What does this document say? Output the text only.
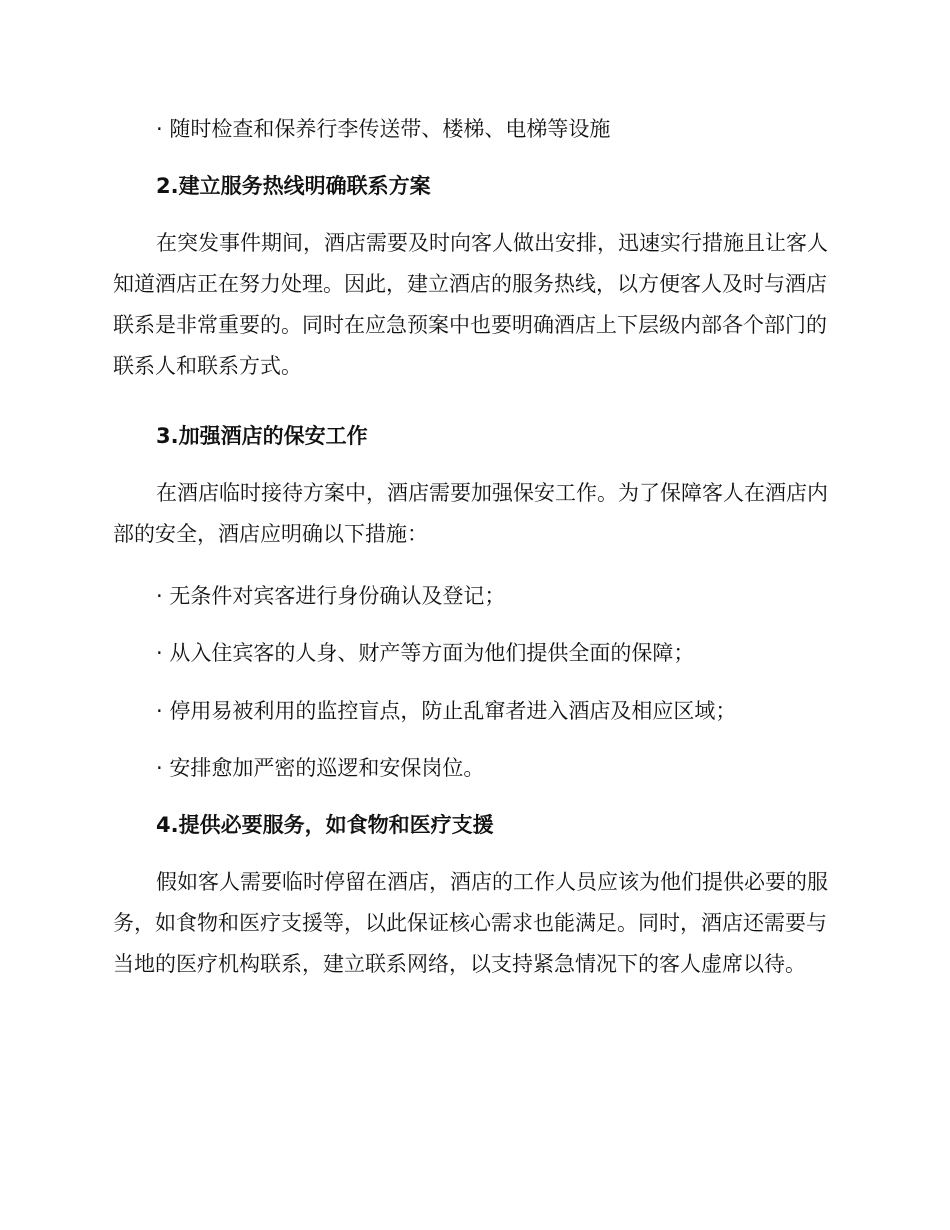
· 随时检查和保养行李传送带、楼梯、电梯等设施
2.建立服务热线明确联系方案
在突发事件期间，酒店需要及时向客人做出安排，迅速实行措施且让客人知道酒店正在努力处理。因此，建立酒店的服务热线，以方便客人及时与酒店联系是非常重要的。同时在应急预案中也要明确酒店上下层级内部各个部门的联系人和联系方式。
3.加强酒店的保安工作
在酒店临时接待方案中，酒店需要加强保安工作。为了保障客人在酒店内部的安全，酒店应明确以下措施：
· 无条件对宾客进行身份确认及登记；
· 从入住宾客的人身、财产等方面为他们提供全面的保障；
· 停用易被利用的监控盲点，防止乱窜者进入酒店及相应区域；
· 安排愈加严密的巡逻和安保岗位。
4.提供必要服务，如食物和医疗支援
假如客人需要临时停留在酒店，酒店的工作人员应该为他们提供必要的服务，如食物和医疗支援等，以此保证核心需求也能满足。同时，酒店还需要与当地的医疗机构联系，建立联系网络，以支持紧急情况下的客人虚席以待。
